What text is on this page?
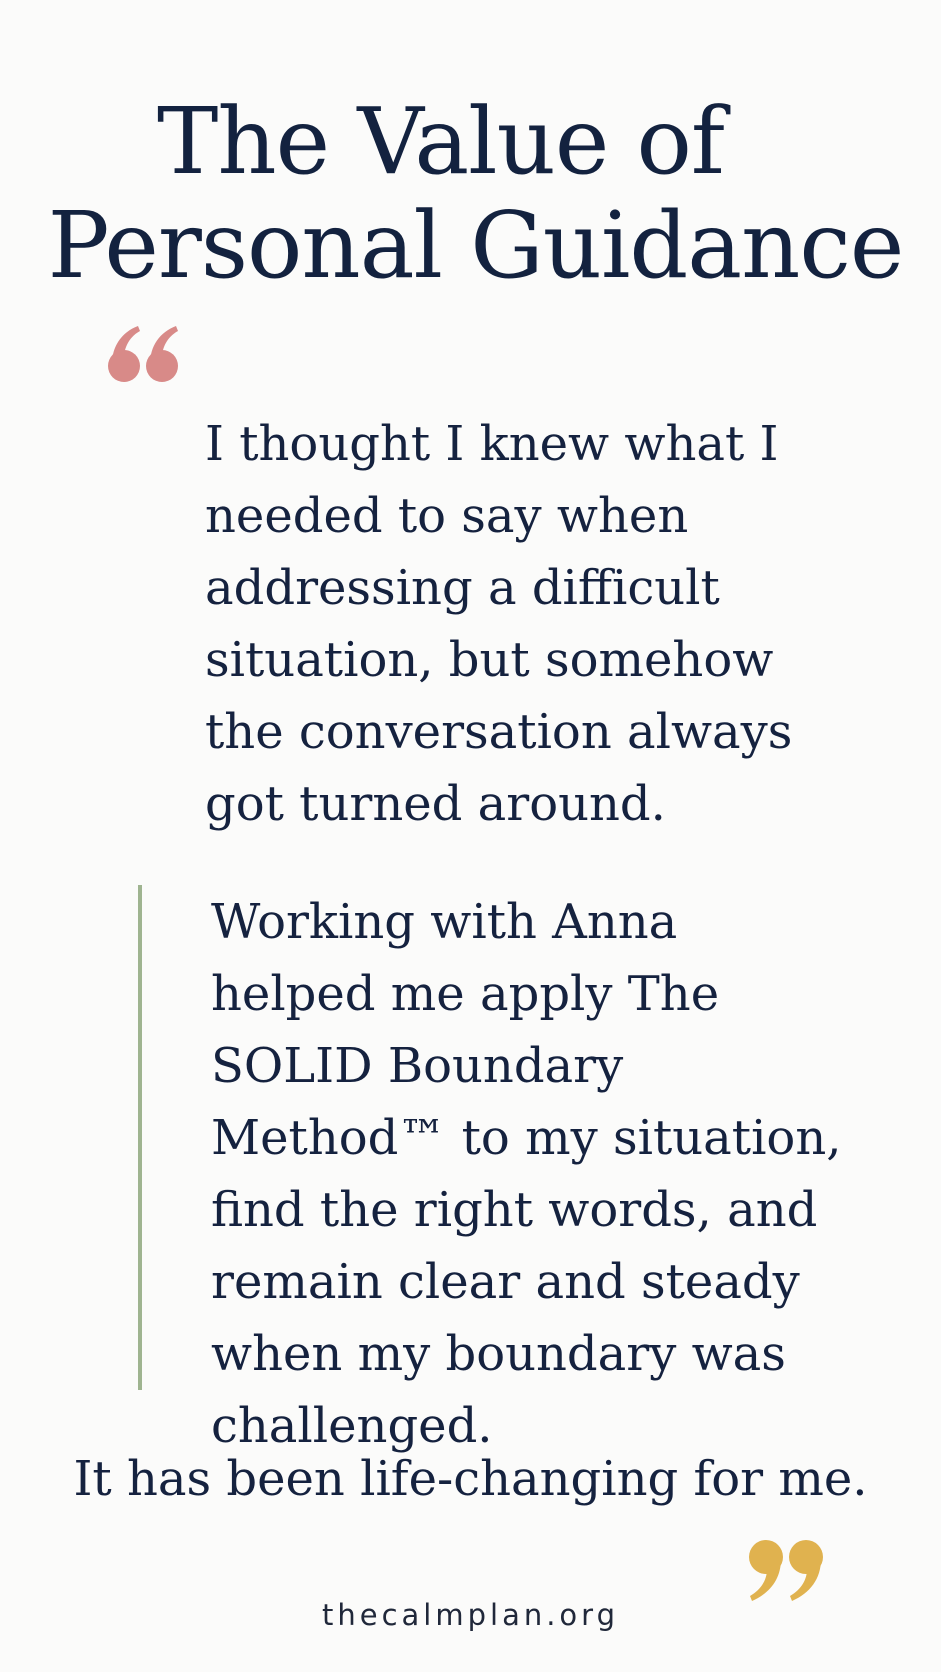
The Value of
Personal Guidance
I thought I knew what I needed to say when addressing a difficult situation, but somehow the conversation always got turned around.
Working with Anna helped me apply The SOLID Boundary Method™ to my situation, find the right words, and remain clear and steady when my boundary was challenged.
It has been life-changing for me.
thecalmplan.org
